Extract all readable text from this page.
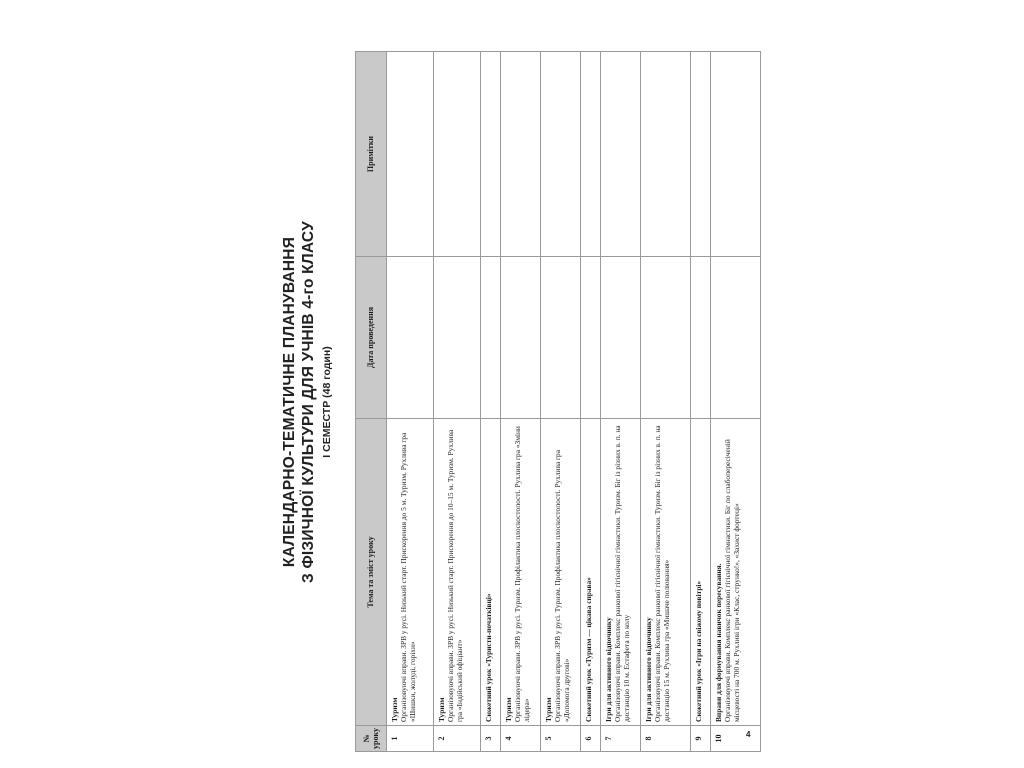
КАЛЕНДАРНО-ТЕМАТИЧНЕ ПЛАНУВАННЯ З ФІЗИЧНОЇ КУЛЬТУРИ ДЛЯ УЧНІВ 4-го КЛАСУ І СЕМЕСТР (48 годин)
№ уроку	Тема та зміст уроку	Дата проведення	Примітки
1	Туризм Організовуючі вправи. ЗРВ у русі. Низький старт. Прискорення до 5 м. Туризм. Рухлива гра «Шишки, жолуді, горіхи»		

2	Туризм Організовуючі вправи. ЗРВ у русі. Низький старт. Прискорення до 10–15 м. Туризм. Рухлива гра «Індійський офіціант»		

3	Сюжетний урок «Туристи-початківці»		

4	Туризм Організовуючі вправи. ЗРВ у русі. Туризм. Профілактика плоскостопості. Рухлива гра «Зміни лідера»		

5	Туризм Організовуючі вправи. ЗРВ у русі. Туризм. Профілактика плоскостопості. Рухлива гра «Допомога другові»		

6	Сюжетний урок «Туризм — цікава справа»		

7	Ігри для активного відпочинку Організовуючі вправи. Комплекс ранкової гігієнічної гімнастики. Туризм. Біг із різних в. п. на дистанцію 10 м. Естафета по колу		

8	Ігри для активного відпочинку Організовуючі вправи. Комплекс ранкової гігієнічної гімнастики. Туризм. Біг із різних в. п. на дистанцію 15 м. Рухлива гра «Мишаче полювання»		

9	Сюжетний урок «Ігри на свіжому повітрі»		

10	Вправи для формування навичок пересування. Організовуючі вправи. Комплекс ранкової гігієнічної гімнастики. Біг по слабопересіченій місцевості на 700 м. Рухливі ігри «Клас, струнко!», «Захист фортеці»		

4
